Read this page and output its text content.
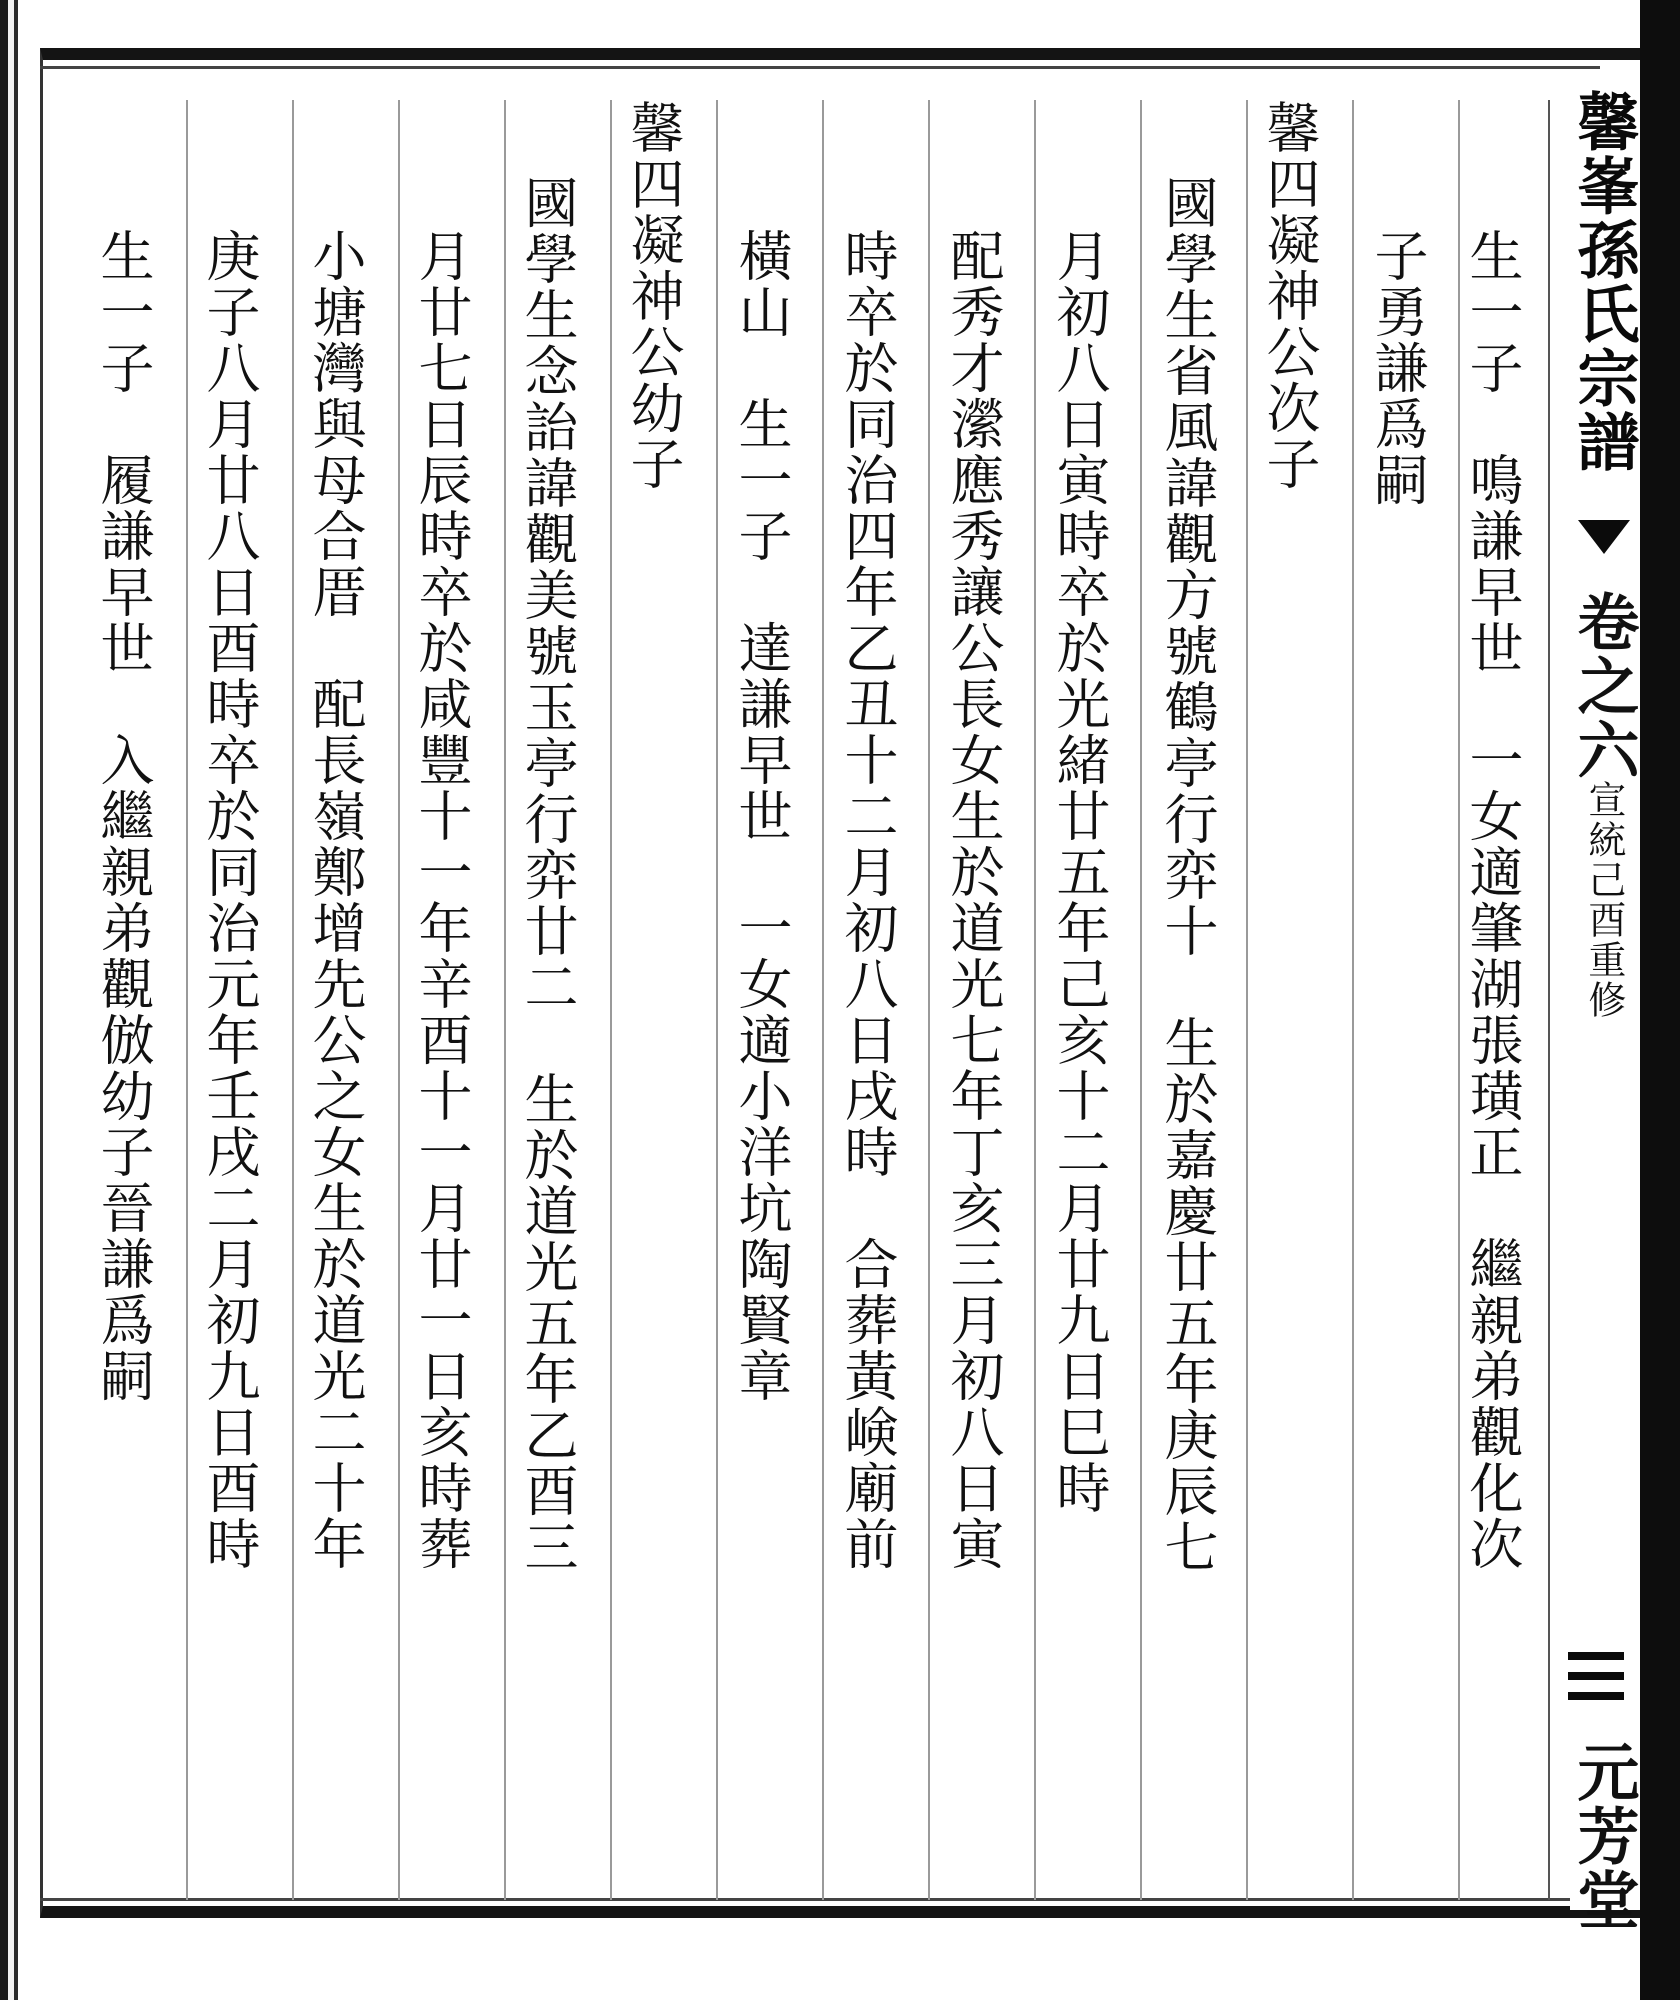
生一子　鳴謙早世　一女適肇湖張璜正　繼親弟觀化次
子勇謙爲嗣
馨四凝神公次子
國學生省風諱觀方號鶴亭行弈十　生於嘉慶廿五年庚辰七
月初八日寅時卒於光緒廿五年己亥十二月廿九日巳時
配秀才瀠應秀讓公長女生於道光七年丁亥三月初八日寅
時卒於同治四年乙丑十二月初八日戌時　合葬黃𡸴廟前
橫山　生一子　達謙早世　一女適小洋坑陶賢章
馨四凝神公幼子
國學生念詒諱觀美號玉亭行弈廿二　生於道光五年乙酉三
月廿七日辰時卒於咸豐十一年辛酉十一月廿一日亥時葬
小塘灣與母合厝　配長嶺鄭增先公之女生於道光二十年
庚子八月廿八日酉時卒於同治元年壬戌二月初九日酉時
生一子　履謙早世　入繼親弟觀倣幼子晉謙爲嗣	馨峯孫氏宗譜
卷之六
宣統己酉重修
元芳堂
